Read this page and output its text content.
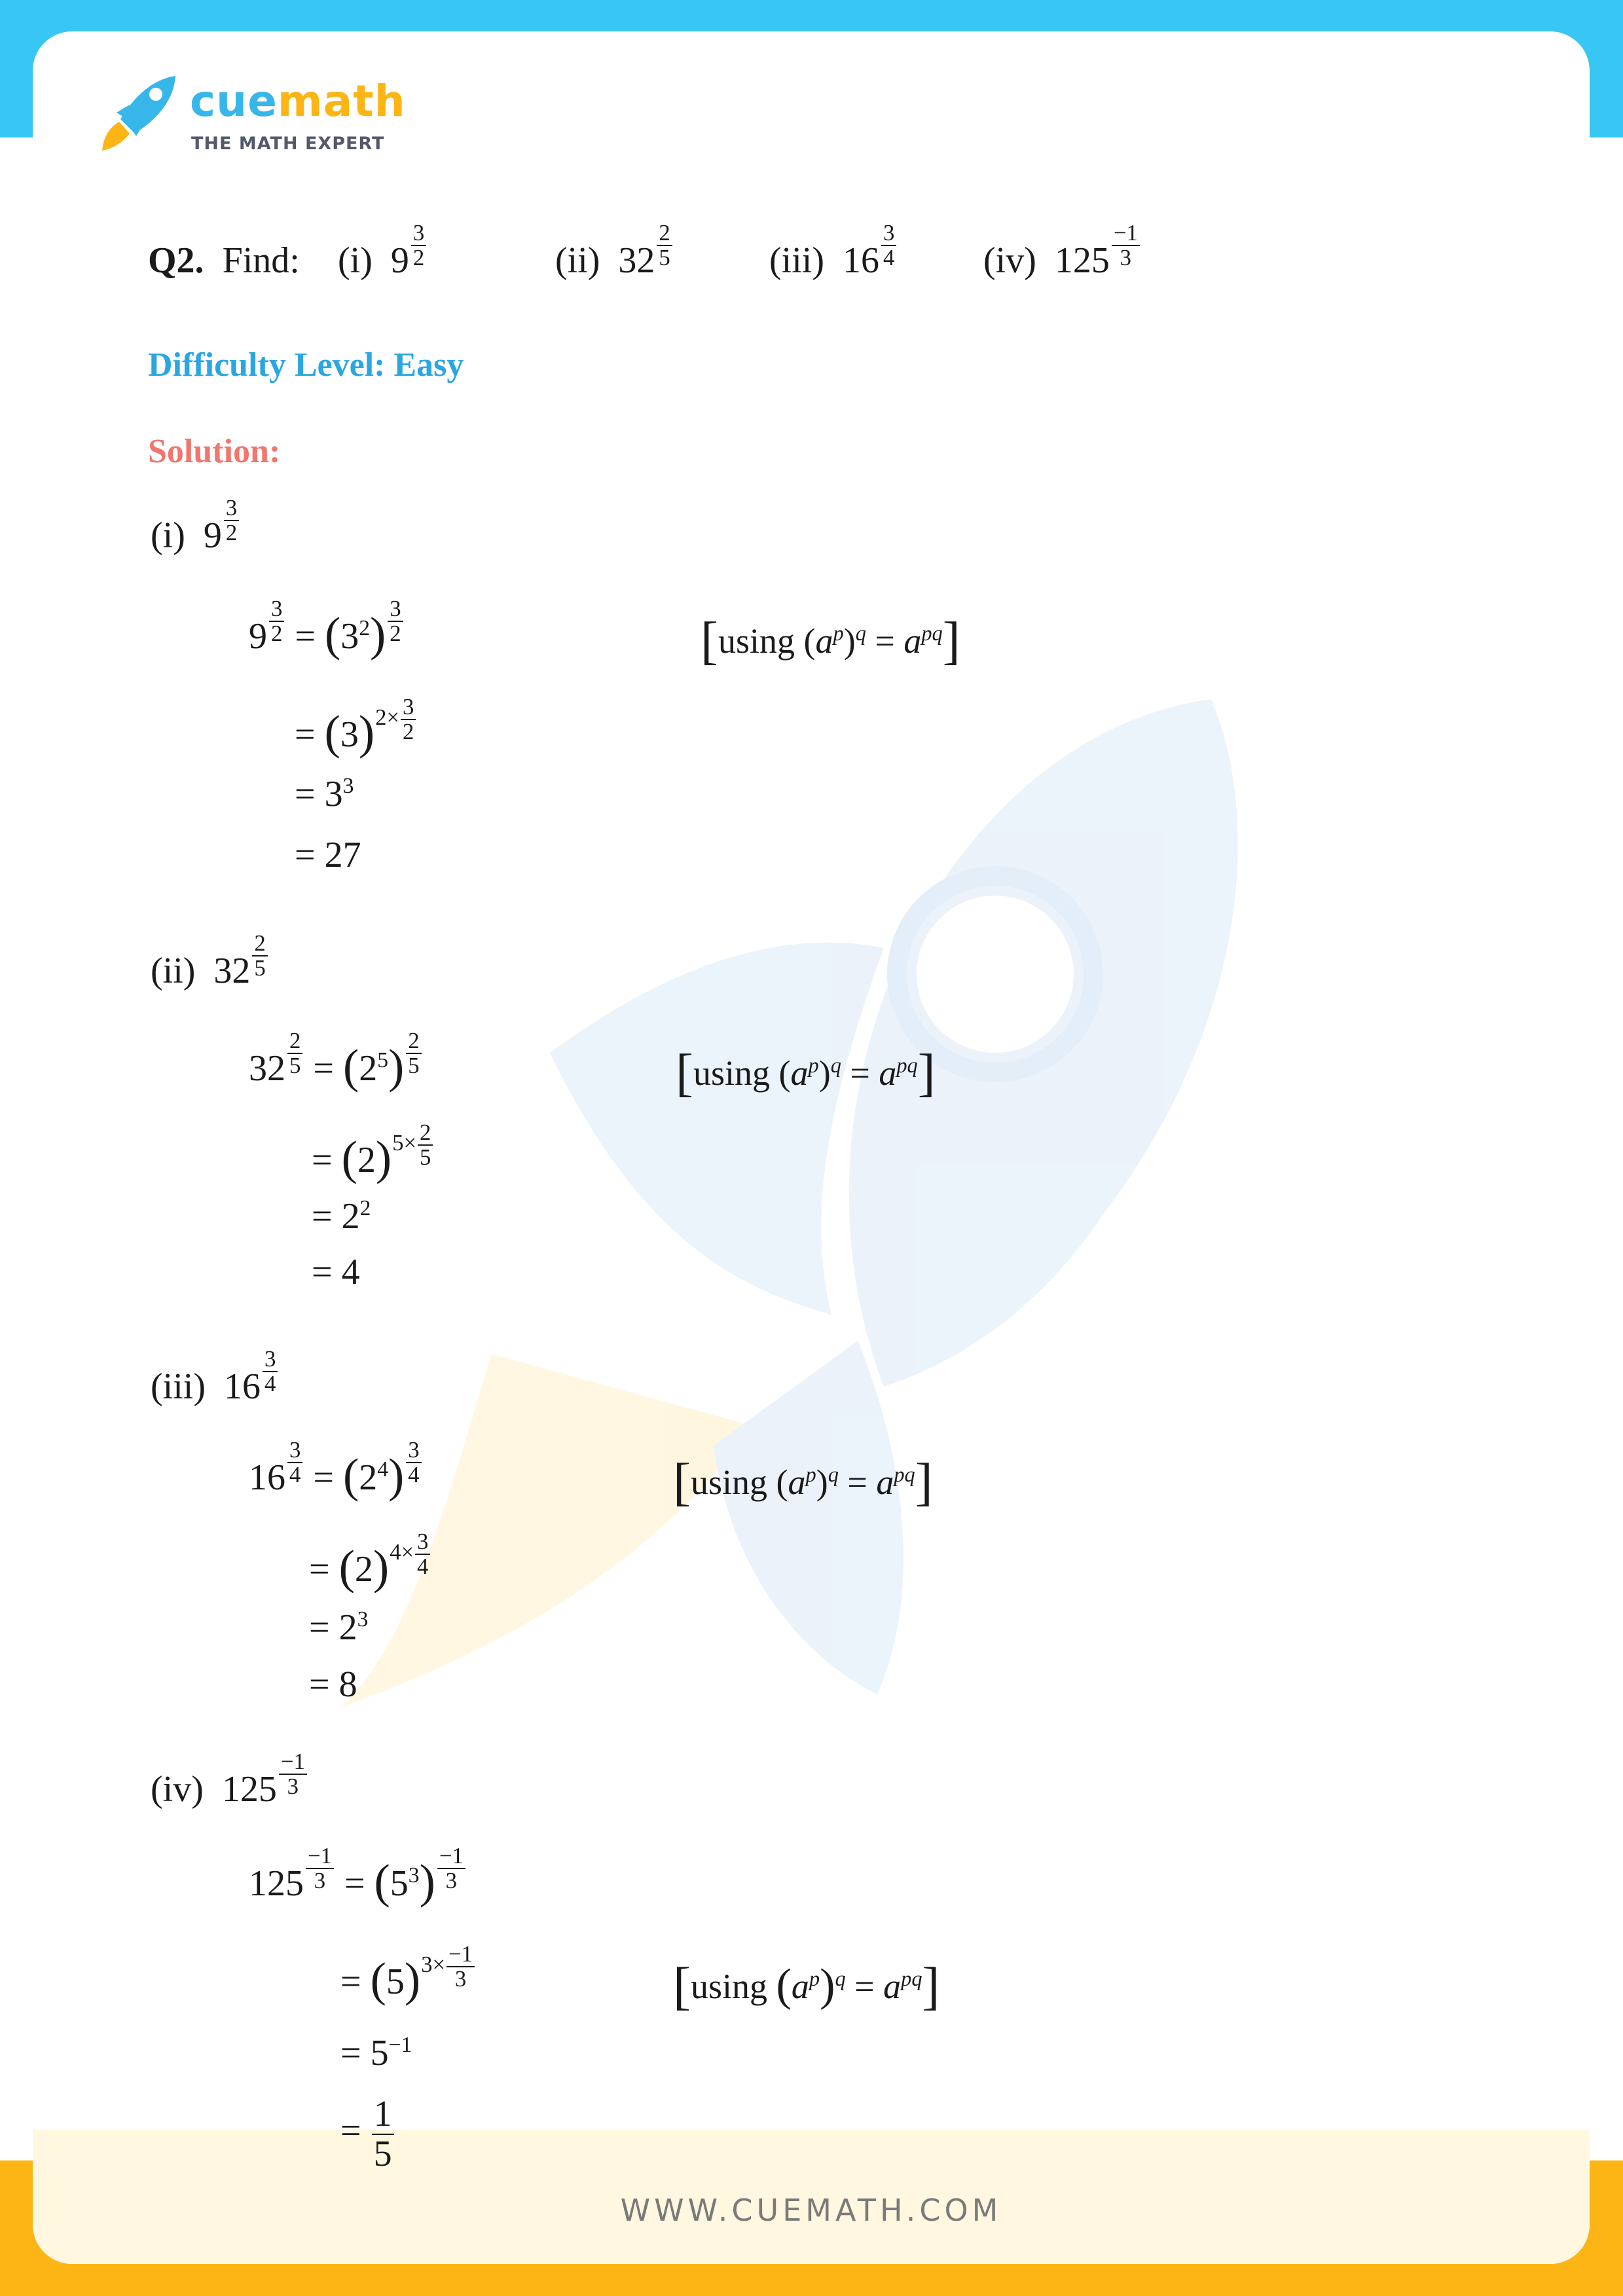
WWW.CUEMATH.COM
cuemath
THE MATH EXPERT
Q2. Find: (i) 9 $^{\frac{3}{2}}$	(ii) 32 $^{\frac{2}{5}}$	(iii) 16 $^{\frac{3}{4}}$ (iv) 125 $^{\frac{-1}{3}}$
Difficulty Level: Easy
Solution:
(i) 9 $^{\frac{3}{2}}$
9 $^{\frac{3}{2}} = (3^2)$ $^{\frac{3}{2}}$	[using $(a^p)^q = a^{pq}$]
= $(3)^{2\times \frac{3}{2}}$
= $3^3$
= 27
(ii) 32 $^{\frac{2}{5}}$
32 $^{\frac{2}{5}} = (2^5)$ $^{\frac{2}{5}}$	[using $(a^p)^q = a^{pq}$]
= $(2)^{5\times \frac{2}{5}}$
= $2^2$
= 4
(iii) 16 $^{\frac{3}{4}}$
16 $^{\frac{3}{4}} = (2^4)$ $^{\frac{3}{4}}$	[using $(a^p)^q = a^{pq}$]
= $(2)^{4\times \frac{3}{4}}$
= $2^3$
= 8
(iv) 125 $^{\frac{-1}{3}}$
125 $^{\frac{-1}{3}} = (5^3)$ $^{\frac{-1}{3}}$
= $(5)^{3\times \frac{-1}{3}}$	[using $(a^p)^q = a^{pq}$]
= $5^{-1}$
= $\frac{1}{5}$
